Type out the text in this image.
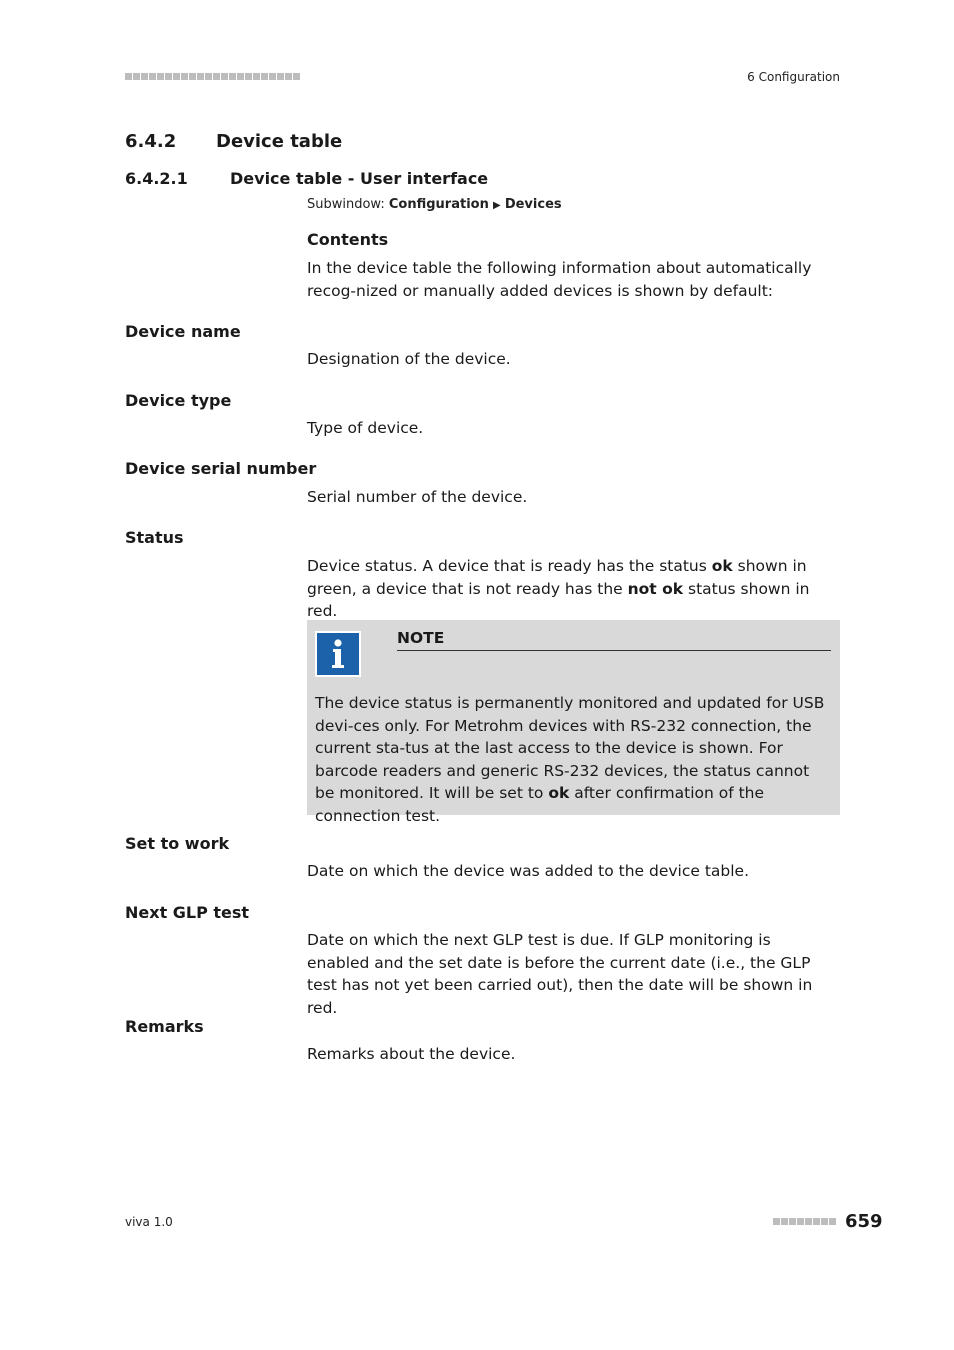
6 Configuration
6.4.2 Device table
6.4.2.1	Device table - User interface
Subwindow: Configuration ▶ Devices
Contents
In the device table the following information about automatically recog-nized or manually added devices is shown by default:
Device name
Designation of the device.
Device type
Type of device.
Device serial number
Serial number of the device.
Status
Device status. A device that is ready has the status ok shown in green, a device that is not ready has the not ok status shown in red.
NOTE
The device status is permanently monitored and updated for USB devi-ces only. For Metrohm devices with RS-232 connection, the current sta-tus at the last access to the device is shown. For barcode readers and generic RS-232 devices, the status cannot be monitored. It will be set to ok after confirmation of the connection test.
Set to work
Date on which the device was added to the device table.
Next GLP test
Date on which the next GLP test is due. If GLP monitoring is enabled and the set date is before the current date (i.e., the GLP test has not yet been carried out), then the date will be shown in red.
Remarks
Remarks about the device.
viva 1.0	659
